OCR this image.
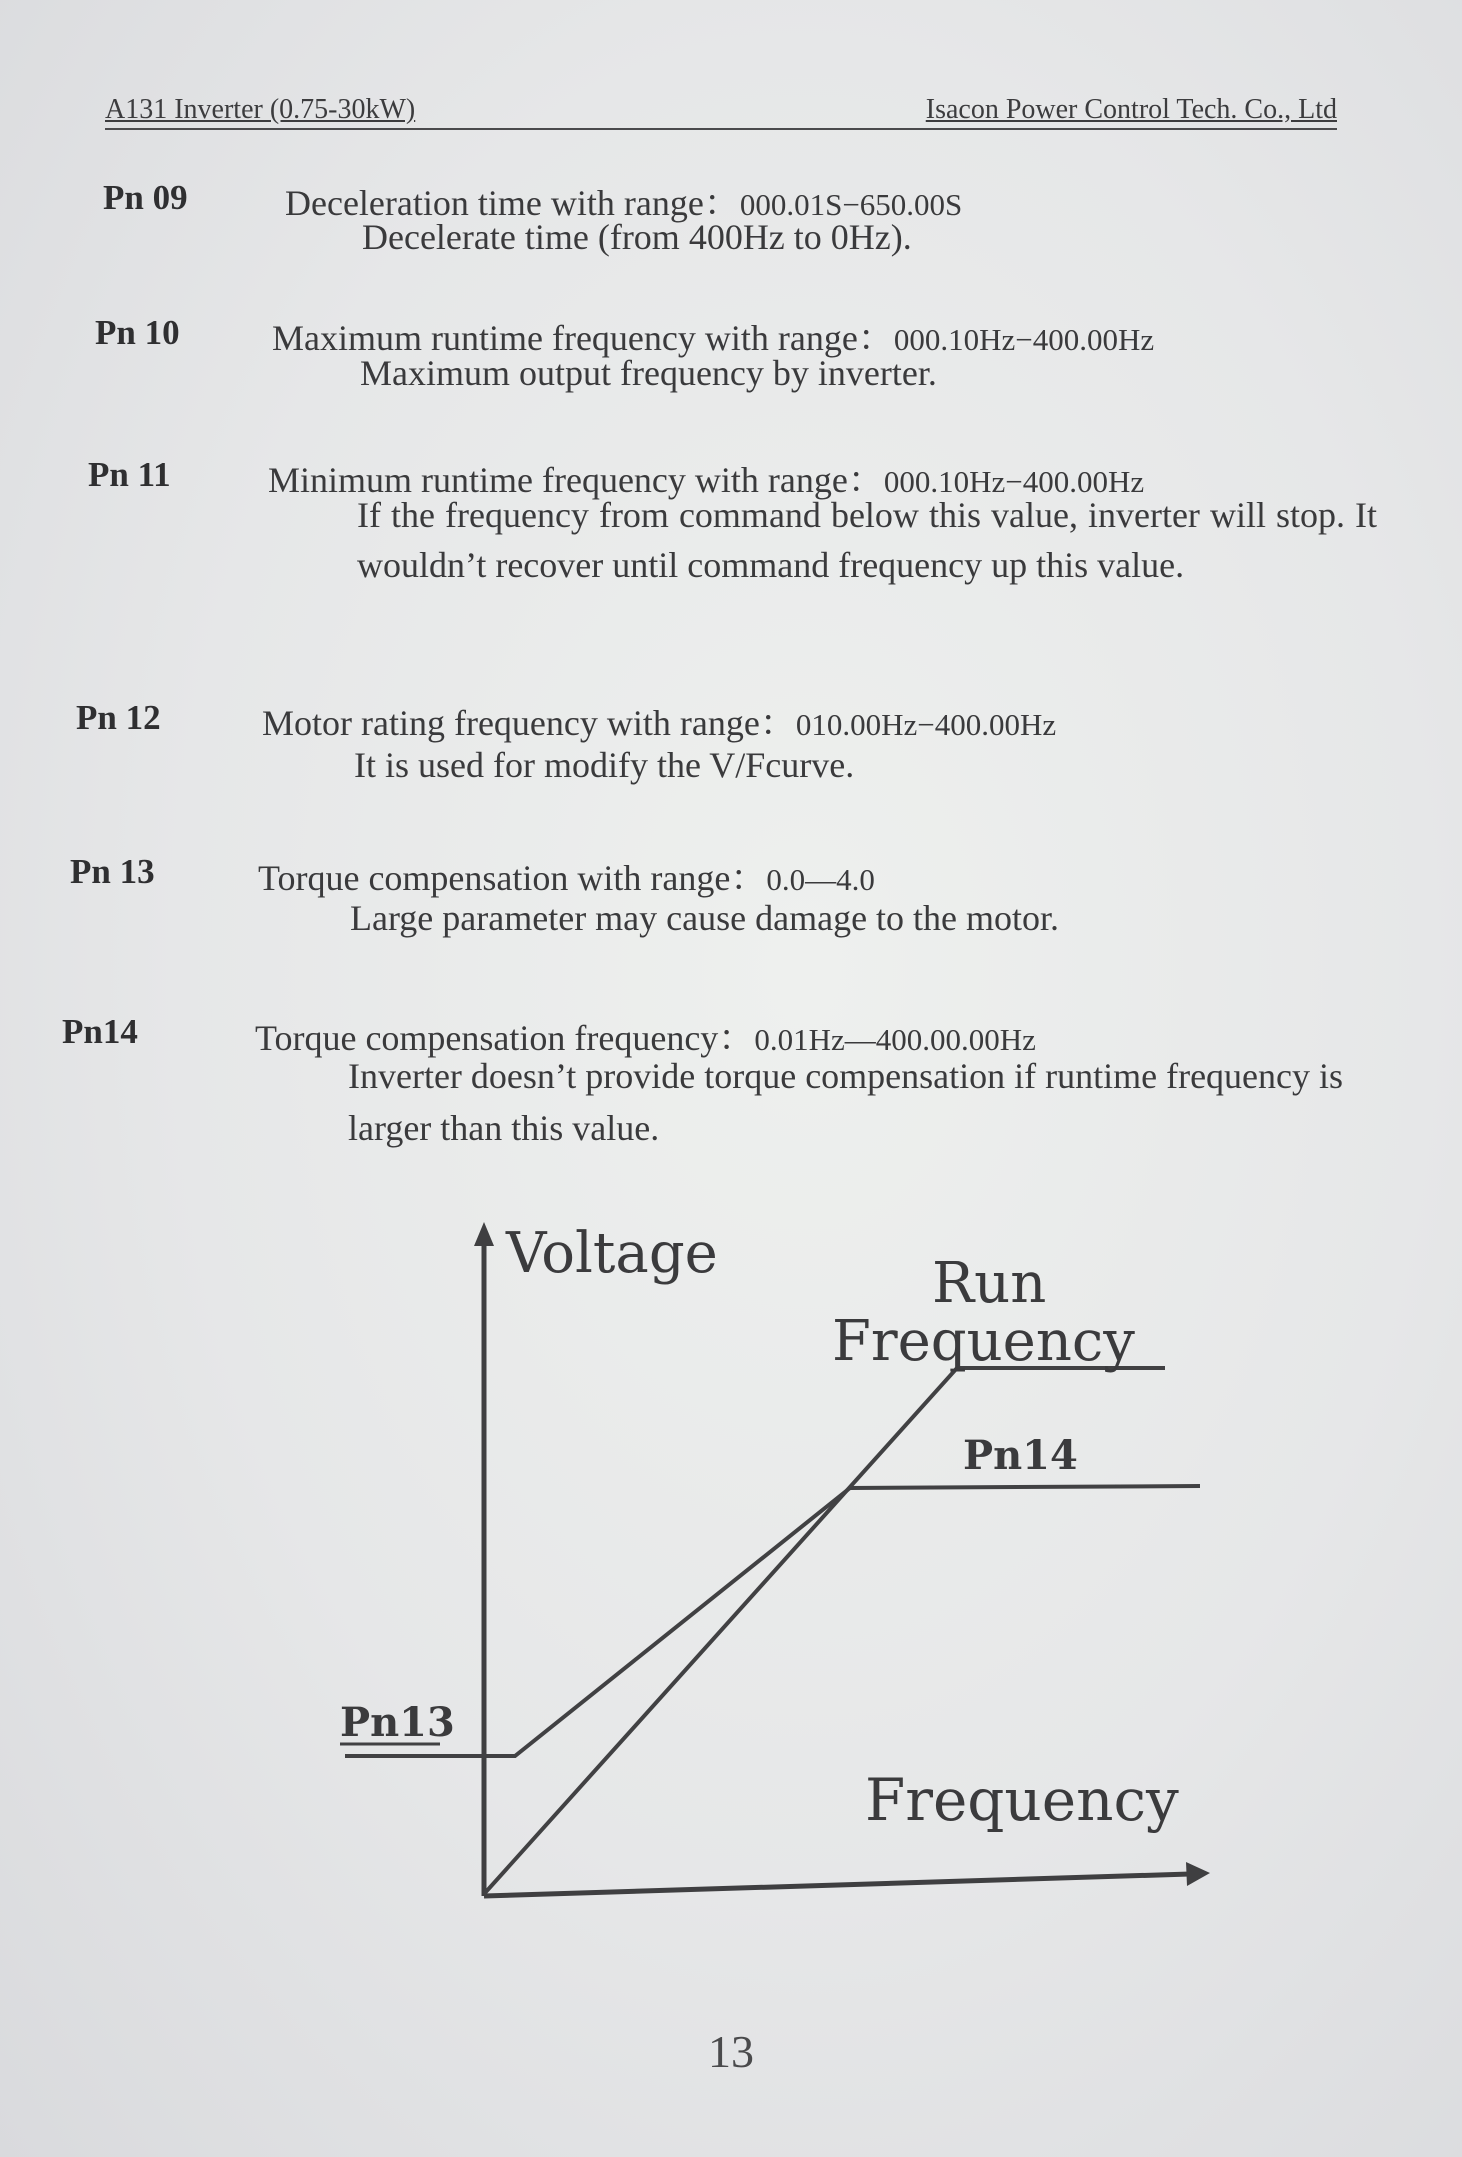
A131 Inverter (0.75-30kW)	Isacon Power Control Tech. Co., Ltd
Pn 09	Deceleration time with range：000.01S−650.00S
Decelerate time (from 400Hz to 0Hz).
Pn 10	Maximum runtime frequency with range：000.10Hz−400.00Hz
Maximum output frequency by inverter.
Pn 11	Minimum runtime frequency with range：000.10Hz−400.00Hz
If the frequency from command below this value, inverter will stop. It wouldn’t recover until command frequency up this value.
Pn 12	Motor rating frequency with range：010.00Hz−400.00Hz
It is used for modify the V/Fcurve.
Pn 13	Torque compensation with range：0.0—4.0
Large parameter may cause damage to the motor.
Pn14	Torque compensation frequency：0.01Hz—400.00.00Hz
Inverter doesn’t provide torque compensation if runtime frequency is larger than this value.
Voltage	Run
Frequency
Pn14
Pn13
Frequency
13
